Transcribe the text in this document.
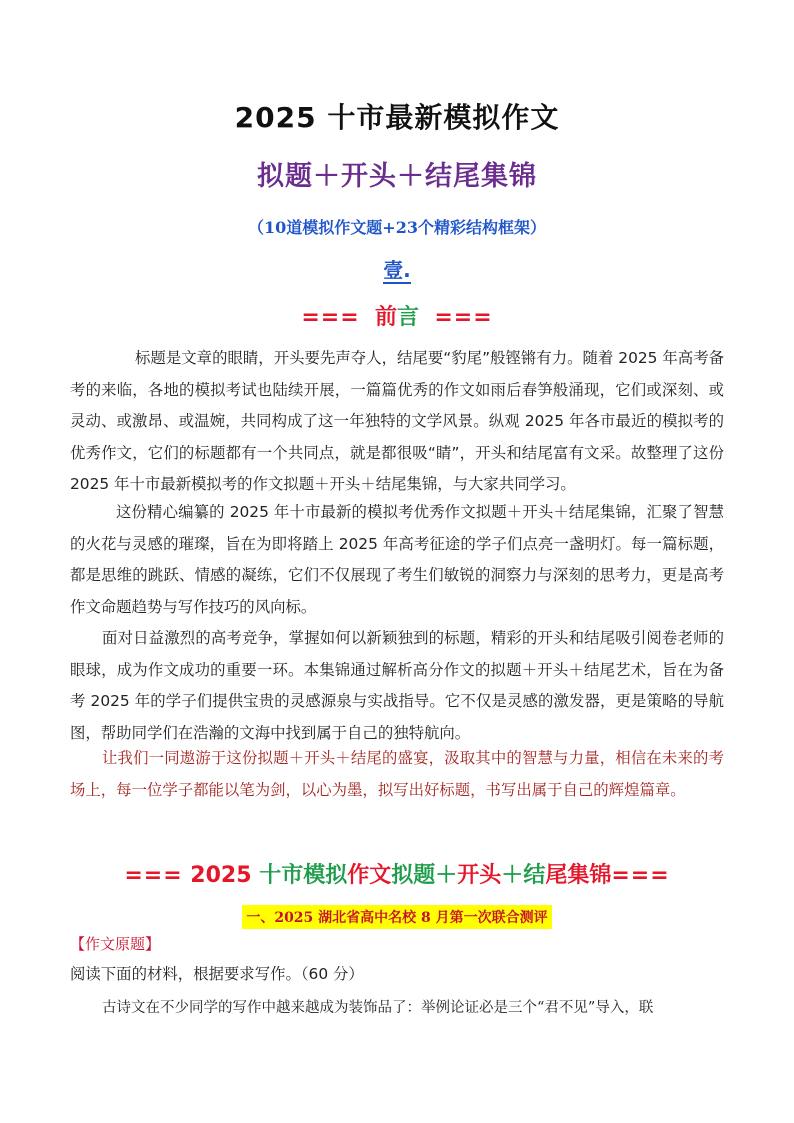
2025 十市最新模拟作文
拟题＋开头＋结尾集锦
（10道模拟作文题+23个精彩结构框架）
壹.
=== 前言 ===
标题是文章的眼睛，开头要先声夺人，结尾要“豹尾”般铿锵有力。随着 2025 年高考备考的来临，各地的模拟考试也陆续开展，一篇篇优秀的作文如雨后春笋般涌现，它们或深刻、或灵动、或激昂、或温婉，共同构成了这一年独特的文学风景。纵观 2025 年各市最近的模拟考的优秀作文，它们的标题都有一个共同点，就是都很吸“睛”，开头和结尾富有文采。故整理了这份 2025 年十市最新模拟考的作文拟题＋开头＋结尾集锦，与大家共同学习。
这份精心编纂的 2025 年十市最新的模拟考优秀作文拟题＋开头＋结尾集锦，汇聚了智慧的火花与灵感的璀璨，旨在为即将踏上 2025 年高考征途的学子们点亮一盏明灯。每一篇标题，都是思维的跳跃、情感的凝练，它们不仅展现了考生们敏锐的洞察力与深刻的思考力，更是高考作文命题趋势与写作技巧的风向标。
面对日益激烈的高考竞争，掌握如何以新颖独到的标题，精彩的开头和结尾吸引阅卷老师的眼球，成为作文成功的重要一环。本集锦通过解析高分作文的拟题＋开头＋结尾艺术，旨在为备考 2025 年的学子们提供宝贵的灵感源泉与实战指导。它不仅是灵感的激发器，更是策略的导航图，帮助同学们在浩瀚的文海中找到属于自己的独特航向。
让我们一同遨游于这份拟题＋开头＋结尾的盛宴，汲取其中的智慧与力量，相信在未来的考场上，每一位学子都能以笔为剑，以心为墨，拟写出好标题，书写出属于自己的辉煌篇章。
=== 2025 十市模拟作文拟题＋开头＋结尾集锦===
一、2025 湖北省高中名校 8 月第一次联合测评
【作文原题】
阅读下面的材料，根据要求写作。（60 分）
古诗文在不少同学的写作中越来越成为装饰品了：举例论证必是三个“君不见”导入，联
